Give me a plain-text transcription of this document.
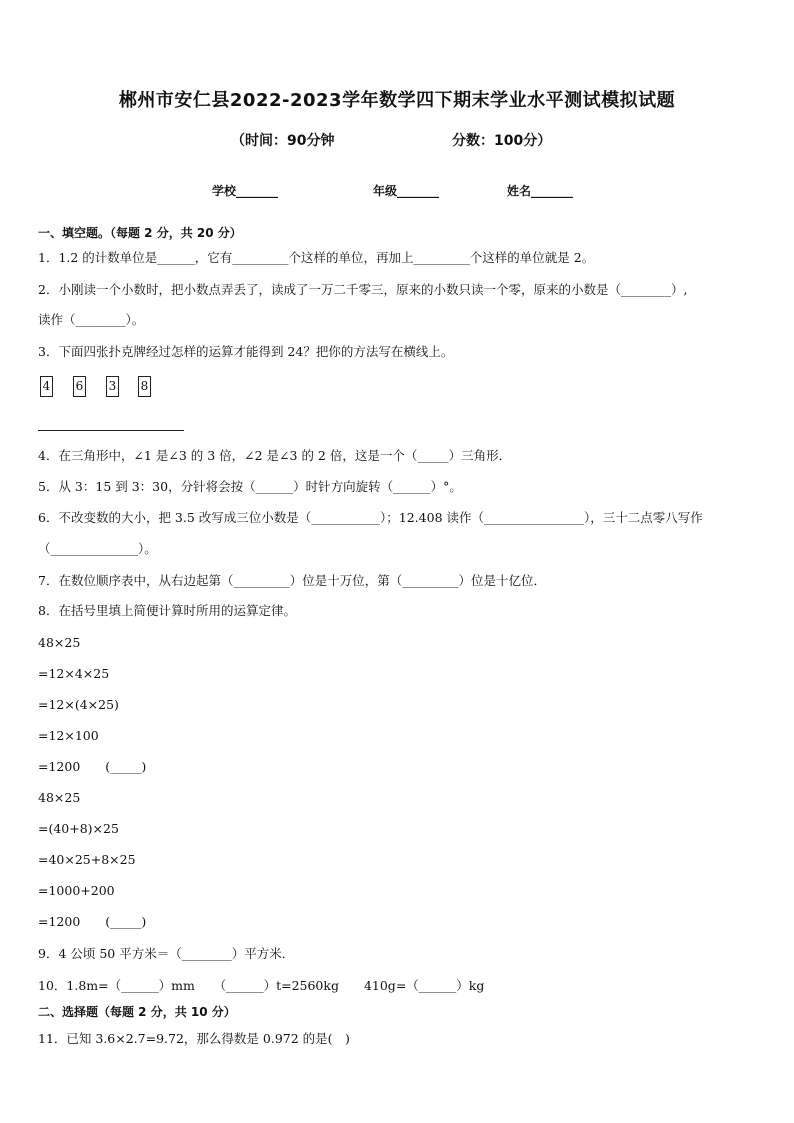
郴州市安仁县2022-2023学年数学四下期末学业水平测试模拟试题
（时间：90分钟	分数：100分）
学校_______	年级_______	姓名_______
一、填空题。（每题 2 分，共 20 分）
1．1.2 的计数单位是______，它有_________个这样的单位，再加上_________个这样的单位就是 2。
2．小刚读一个小数时，把小数点弄丢了，读成了一万二千零三，原来的小数只读一个零，原来的小数是（________）,
读作（________）。
3．下面四张扑克牌经过怎样的运算才能得到 24？把你的方法写在横线上。
4 6 3 8
4．在三角形中，∠1 是∠3 的 3 倍，∠2 是∠3 的 2 倍，这是一个（_____）三角形．
5．从 3：15 到 3：30，分针将会按（______）时针方向旋转（______）°。
6．不改变数的大小，把 3.5 改写成三位小数是（___________）；12.408 读作（________________），三十二点零八写作
（______________）。
7．在数位顺序表中，从右边起第（_________）位是十万位，第（_________）位是十亿位．
8．在括号里填上简便计算时所用的运算定律。
48×25
=12×4×25
=12×(4×25)
=12×100
=1200　　(_____)
48×25
=(40+8)×25
=40×25+8×25
=1000+200
=1200　　(_____)
9．4 公顷 50 平方米＝（________）平方米．
10．1.8m=（______）mm　　（______）t=2560kg　　410g=（______）kg
二、选择题（每题 2 分，共 10 分）
11．已知 3.6×2.7=9.72，那么得数是 0.972 的是(　)
